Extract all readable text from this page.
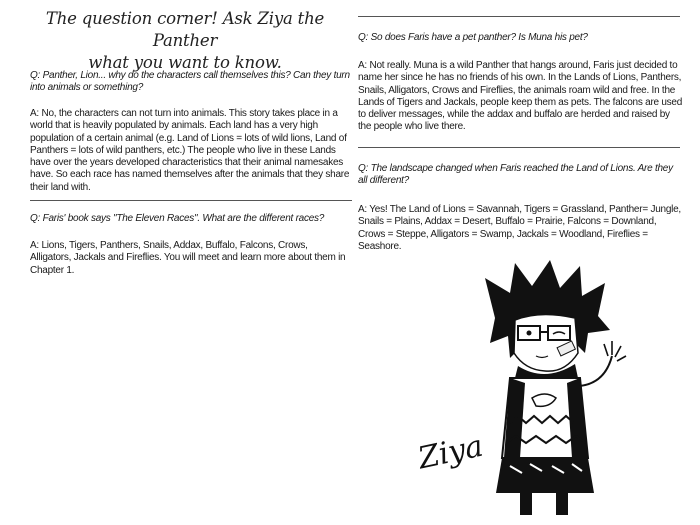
The question corner! Ask Ziya the Panther
what you want to know.
Q: Panther, Lion... why do the characters call themselves this? Can they turn into animals or something?
A: No, the characters can not turn into animals. This story takes place in a world that is heavily populated by animals. Each land has a very high population of a certain animal (e.g. Land of Lions = lots of wild lions, Land of Panthers = lots of wild panthers, etc.) The people who live in these Lands have over the years developed characteristics that their animal namesakes have. So each race has named themselves after the animals that they share their land with.
Q: Faris' book says "The Eleven Races". What are the different races?
A: Lions, Tigers, Panthers, Snails, Addax, Buffalo, Falcons, Crows, Alligators, Jackals and Fireflies. You will meet and learn more about them in Chapter 1.
Q: So does Faris have a pet panther? Is Muna his pet?
A: Not really. Muna is a wild Panther that hangs around, Faris just decided to name her since he has no friends of his own. In the Lands of Lions, Panthers, Snails, Alligators, Crows and Fireflies, the animals roam wild and free. In the Lands of Tigers and Jackals, people keep them as pets. The falcons are used to deliver messages, while the addax and buffalo are herded and raised by the people who live there.
Q: The landscape changed when Faris reached the Land of Lions. Are they all different?
A: Yes! The Land of Lions = Savannah, Tigers = Grassland, Panther= Jungle, Snails = Plains, Addax = Desert, Buffalo = Prairie, Falcons = Downland, Crows = Steppe, Alligators = Swamp, Jackals = Woodland, Fireflies = Seashore.
Ziya
